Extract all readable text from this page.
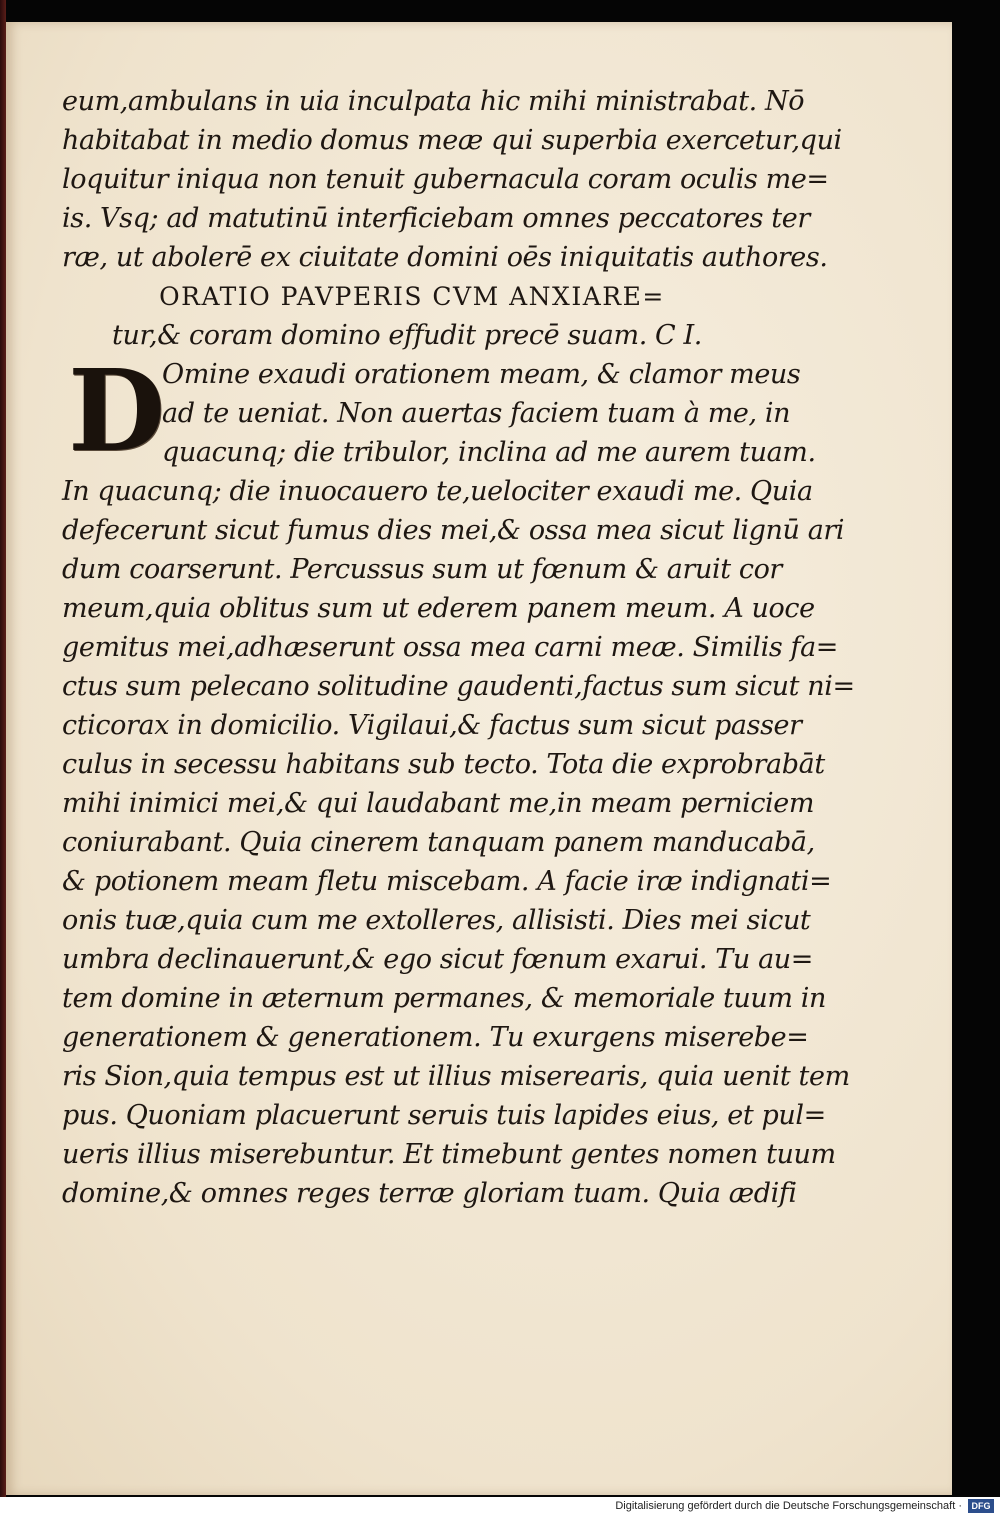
eum,ambulans in uia inculpata hic mihi ministrabat. Nō
habitabat in medio domus meæ qui superbia exercetur,qui
loquitur iniqua non tenuit gubernacula coram oculis me=
is. Vsq; ad matutinū interficiebam omnes peccatores ter
ræ, ut abolerē ex ciuitate domini oēs iniquitatis authores.
ORATIO PAVPERIS CVM ANXIARE=
tur,& coram domino effudit precē suam. C I.
D
Omine exaudi orationem meam, & clamor meus
ad te ueniat. Non auertas faciem tuam à me, in
quacunq; die tribulor, inclina ad me aurem tuam.
In quacunq; die inuocauero te,uelociter exaudi me. Quia
defecerunt sicut fumus dies mei,& ossa mea sicut lignū ari
dum coarserunt. Percussus sum ut fœnum & aruit cor
meum,quia oblitus sum ut ederem panem meum. A uoce
gemitus mei,adhæserunt ossa mea carni meæ. Similis fa=
ctus sum pelecano solitudine gaudenti,factus sum sicut ni=
cticorax in domicilio. Vigilaui,& factus sum sicut passer
culus in secessu habitans sub tecto. Tota die exprobrabāt
mihi inimici mei,& qui laudabant me,in meam perniciem
coniurabant. Quia cinerem tanquam panem manducabā,
& potionem meam fletu miscebam. A facie iræ indignati=
onis tuæ,quia cum me extolleres, allisisti. Dies mei sicut
umbra declinauerunt,& ego sicut fœnum exarui. Tu au=
tem domine in æternum permanes, & memoriale tuum in
generationem & generationem. Tu exurgens miserebe=
ris Sion,quia tempus est ut illius miserearis, quia uenit tem
pus. Quoniam placuerunt seruis tuis lapides eius, et pul=
ueris illius miserebuntur. Et timebunt gentes nomen tuum
domine,& omnes reges terræ gloriam tuam. Quia ædifi
Digitalisierung gefördert durch die Deutsche Forschungsgemeinschaft ·	DFG
